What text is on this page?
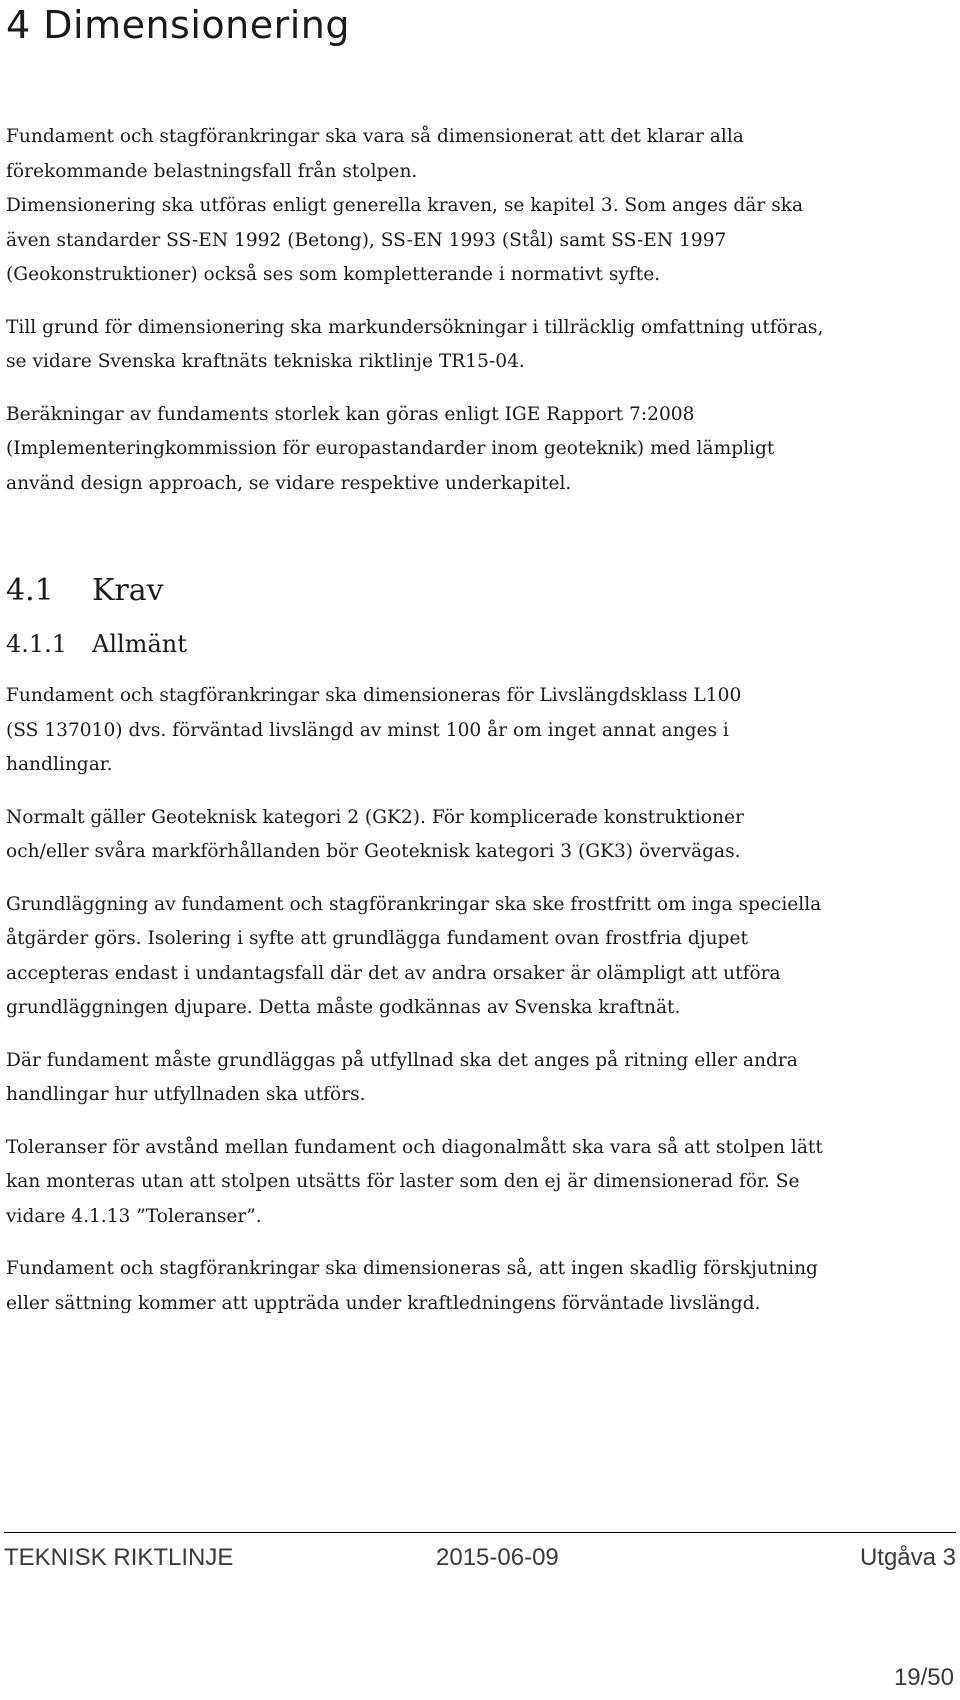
4 Dimensionering
Fundament och stagförankringar ska vara så dimensionerat att det klarar alla
förekommande belastningsfall från stolpen.
Dimensionering ska utföras enligt generella kraven, se kapitel 3. Som anges där ska
även standarder SS-EN 1992 (Betong), SS-EN 1993 (Stål) samt SS-EN 1997
(Geokonstruktioner) också ses som kompletterande i normativt syfte.
Till grund för dimensionering ska markundersökningar i tillräcklig omfattning utföras,
se vidare Svenska kraftnäts tekniska riktlinje TR15-04.
Beräkningar av fundaments storlek kan göras enligt IGE Rapport 7:2008
(Implementeringkommission för europastandarder inom geoteknik) med lämpligt
använd design approach, se vidare respektive underkapitel.
4.1 Krav
4.1.1 Allmänt
Fundament och stagförankringar ska dimensioneras för Livslängdsklass L100
(SS 137010) dvs. förväntad livslängd av minst 100 år om inget annat anges i
handlingar.
Normalt gäller Geoteknisk kategori 2 (GK2). För komplicerade konstruktioner
och/eller svåra markförhållanden bör Geoteknisk kategori 3 (GK3) övervägas.
Grundläggning av fundament och stagförankringar ska ske frostfritt om inga speciella
åtgärder görs. Isolering i syfte att grundlägga fundament ovan frostfria djupet
accepteras endast i undantagsfall där det av andra orsaker är olämpligt att utföra
grundläggningen djupare. Detta måste godkännas av Svenska kraftnät.
Där fundament måste grundläggas på utfyllnad ska det anges på ritning eller andra
handlingar hur utfyllnaden ska utförs.
Toleranser för avstånd mellan fundament och diagonalmått ska vara så att stolpen lätt
kan monteras utan att stolpen utsätts för laster som den ej är dimensionerad för. Se
vidare 4.1.13 ”Toleranser”.
Fundament och stagförankringar ska dimensioneras så, att ingen skadlig förskjutning
eller sättning kommer att uppträda under kraftledningens förväntade livslängd.
TEKNISK RIKTLINJE	2015-06-09	Utgåva 3
19/50
